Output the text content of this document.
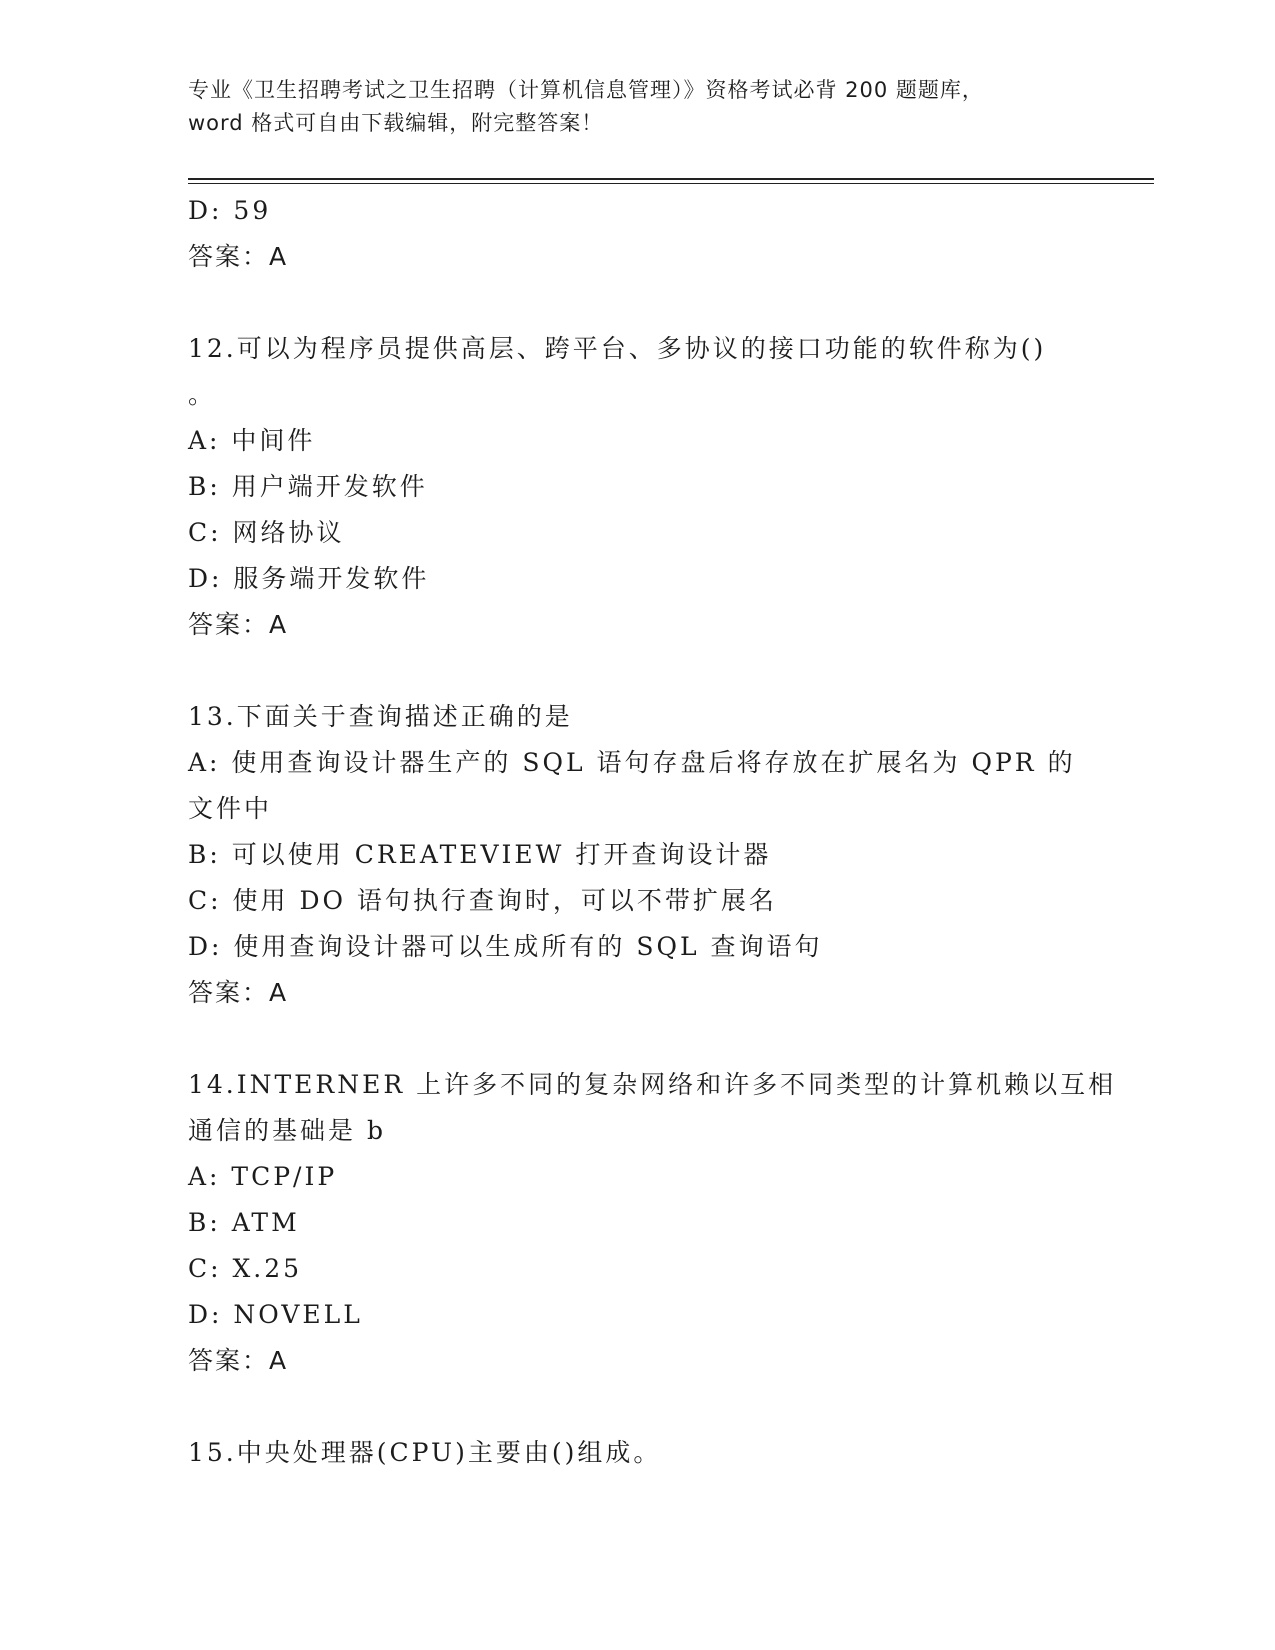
专业《卫生招聘考试之卫生招聘（计算机信息管理）》资格考试必背 200 题题库，
word 格式可自由下载编辑，附完整答案！
D: 59
答案：A
12.可以为程序员提供高层、跨平台、多协议的接口功能的软件称为()
。
A: 中间件
B: 用户端开发软件
C: 网络协议
D: 服务端开发软件
答案：A
13.下面关于查询描述正确的是
A: 使用查询设计器生产的 SQL 语句存盘后将存放在扩展名为 QPR 的文件中
B: 可以使用 CREATEVIEW 打开查询设计器
C: 使用 DO 语句执行查询时，可以不带扩展名
D: 使用查询设计器可以生成所有的 SQL 查询语句
答案：A
14.INTERNER 上许多不同的复杂网络和许多不同类型的计算机赖以互相
通信的基础是 b
A: TCP/IP
B: ATM
C: X.25
D: NOVELL
答案：A
15.中央处理器(CPU)主要由()组成。
